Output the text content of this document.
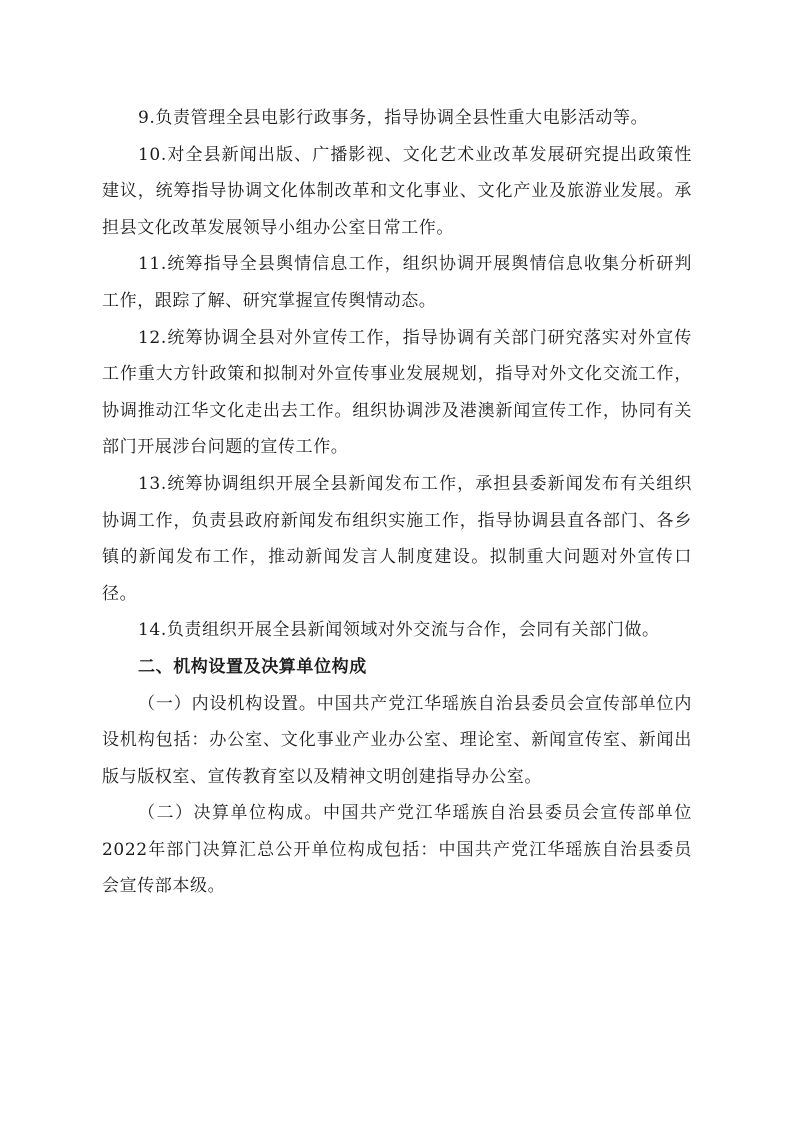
9.负责管理全县电影行政事务，指导协调全县性重大电影活动等。

10.对全县新闻出版、广播影视、文化艺术业改革发展研究提出政策性建议，统筹指导协调文化体制改革和文化事业、文化产业及旅游业发展。承担县文化改革发展领导小组办公室日常工作。

11.统筹指导全县舆情信息工作，组织协调开展舆情信息收集分析研判工作，跟踪了解、研究掌握宣传舆情动态。

12.统筹协调全县对外宣传工作，指导协调有关部门研究落实对外宣传工作重大方针政策和拟制对外宣传事业发展规划，指导对外文化交流工作，协调推动江华文化走出去工作。组织协调涉及港澳新闻宣传工作，协同有关部门开展涉台问题的宣传工作。

13.统筹协调组织开展全县新闻发布工作，承担县委新闻发布有关组织协调工作，负责县政府新闻发布组织实施工作，指导协调县直各部门、各乡镇的新闻发布工作，推动新闻发言人制度建设。拟制重大问题对外宣传口径。

14.负责组织开展全县新闻领域对外交流与合作，会同有关部门做。

二、机构设置及决算单位构成

（一）内设机构设置。中国共产党江华瑶族自治县委员会宣传部单位内设机构包括：办公室、文化事业产业办公室、理论室、新闻宣传室、新闻出版与版权室、宣传教育室以及精神文明创建指导办公室。

（二）决算单位构成。中国共产党江华瑶族自治县委员会宣传部单位2022年部门决算汇总公开单位构成包括：中国共产党江华瑶族自治县委员会宣传部本级。
